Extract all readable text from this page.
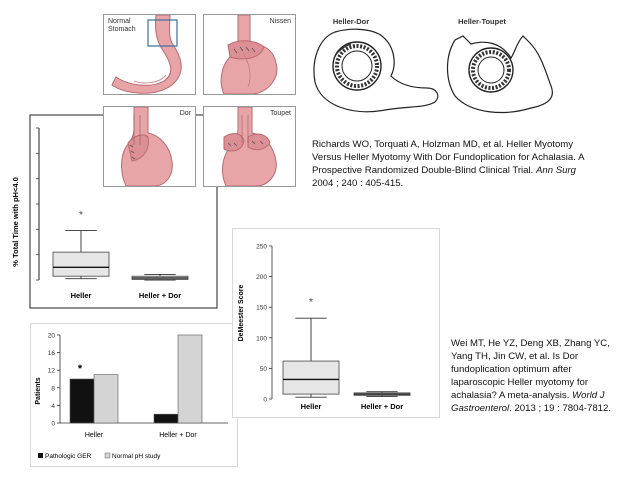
% Total Time with pH<4.0	*
Heller	Heller + Dor
Normal
Stomach
Nissen
Dor	Toupet
Heller-Dor	Heller-Toupet
Richards WO, Torquati A, Holzman MD, et al. Heller Myotomy Versus Heller Myotomy With Dor Fundoplication for Achalasia. A Prospective Randomized Double-Blind Clinical Trial. Ann Surg 2004 ; 240 : 405-415.
Patients
0
4
8
12
16
20
*
Heller	Heller + Dor
Pathologic GER	Normal pH study
DeMeester Score
0
50
100
150
200
250
*
Heller	Heller + Dor
Wei MT, He YZ, Deng XB, Zhang YC, Yang TH, Jin CW, et al. Is Dor fundoplication optimum after laparoscopic Heller myotomy for achalasia? A meta-analysis. World J Gastroenterol. 2013 ; 19 : 7804-7812.
